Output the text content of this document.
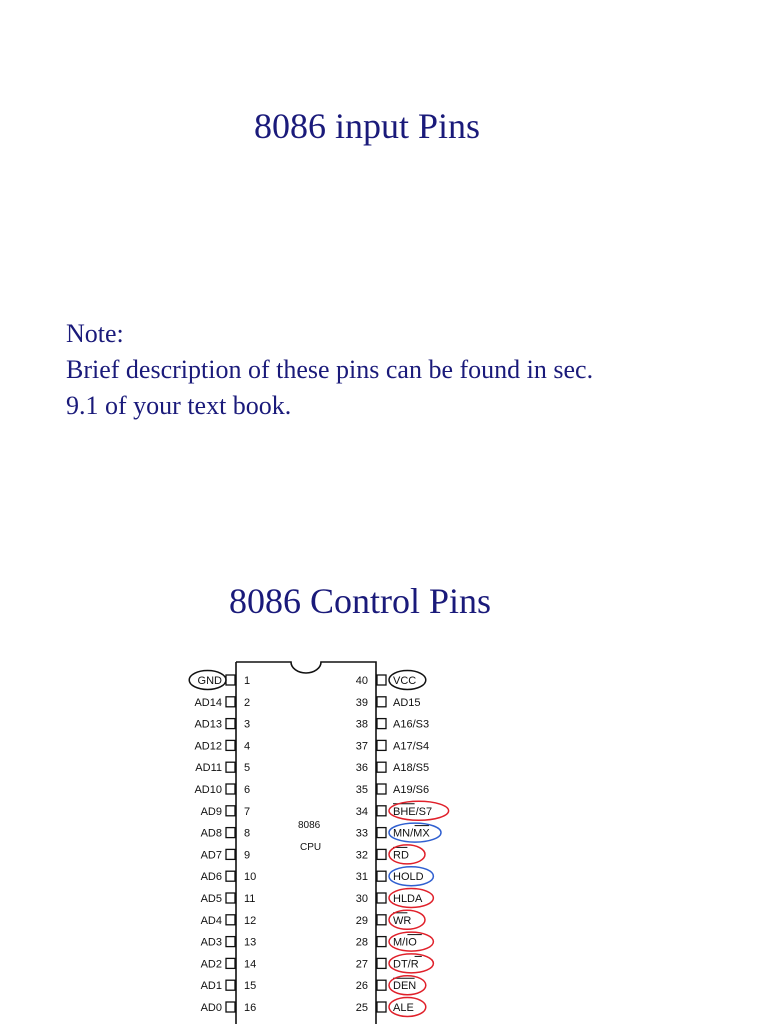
8086 input Pins
Note:
Brief description of these pins can be found in sec.
9.1 of your text book.
8086 Control Pins
1
GND
2
AD14
3
AD13
4
AD12
5
AD11
6
AD10
7
AD9
8
AD8
9
AD7
10
AD6
11
AD5
12
AD4
13
AD3
14
AD2
15
AD1
16
AD0
40 VCC
39 AD15
38 A16/S3
37 A17/S4
36 A18/S5
35 A19/S6
34 BHE/S7
33 MN/MX
32 RD
31 HOLD
30 HLDA
29 WR
28 M/IO
27 DT/R
26 DEN
25 ALE
8086
CPU
